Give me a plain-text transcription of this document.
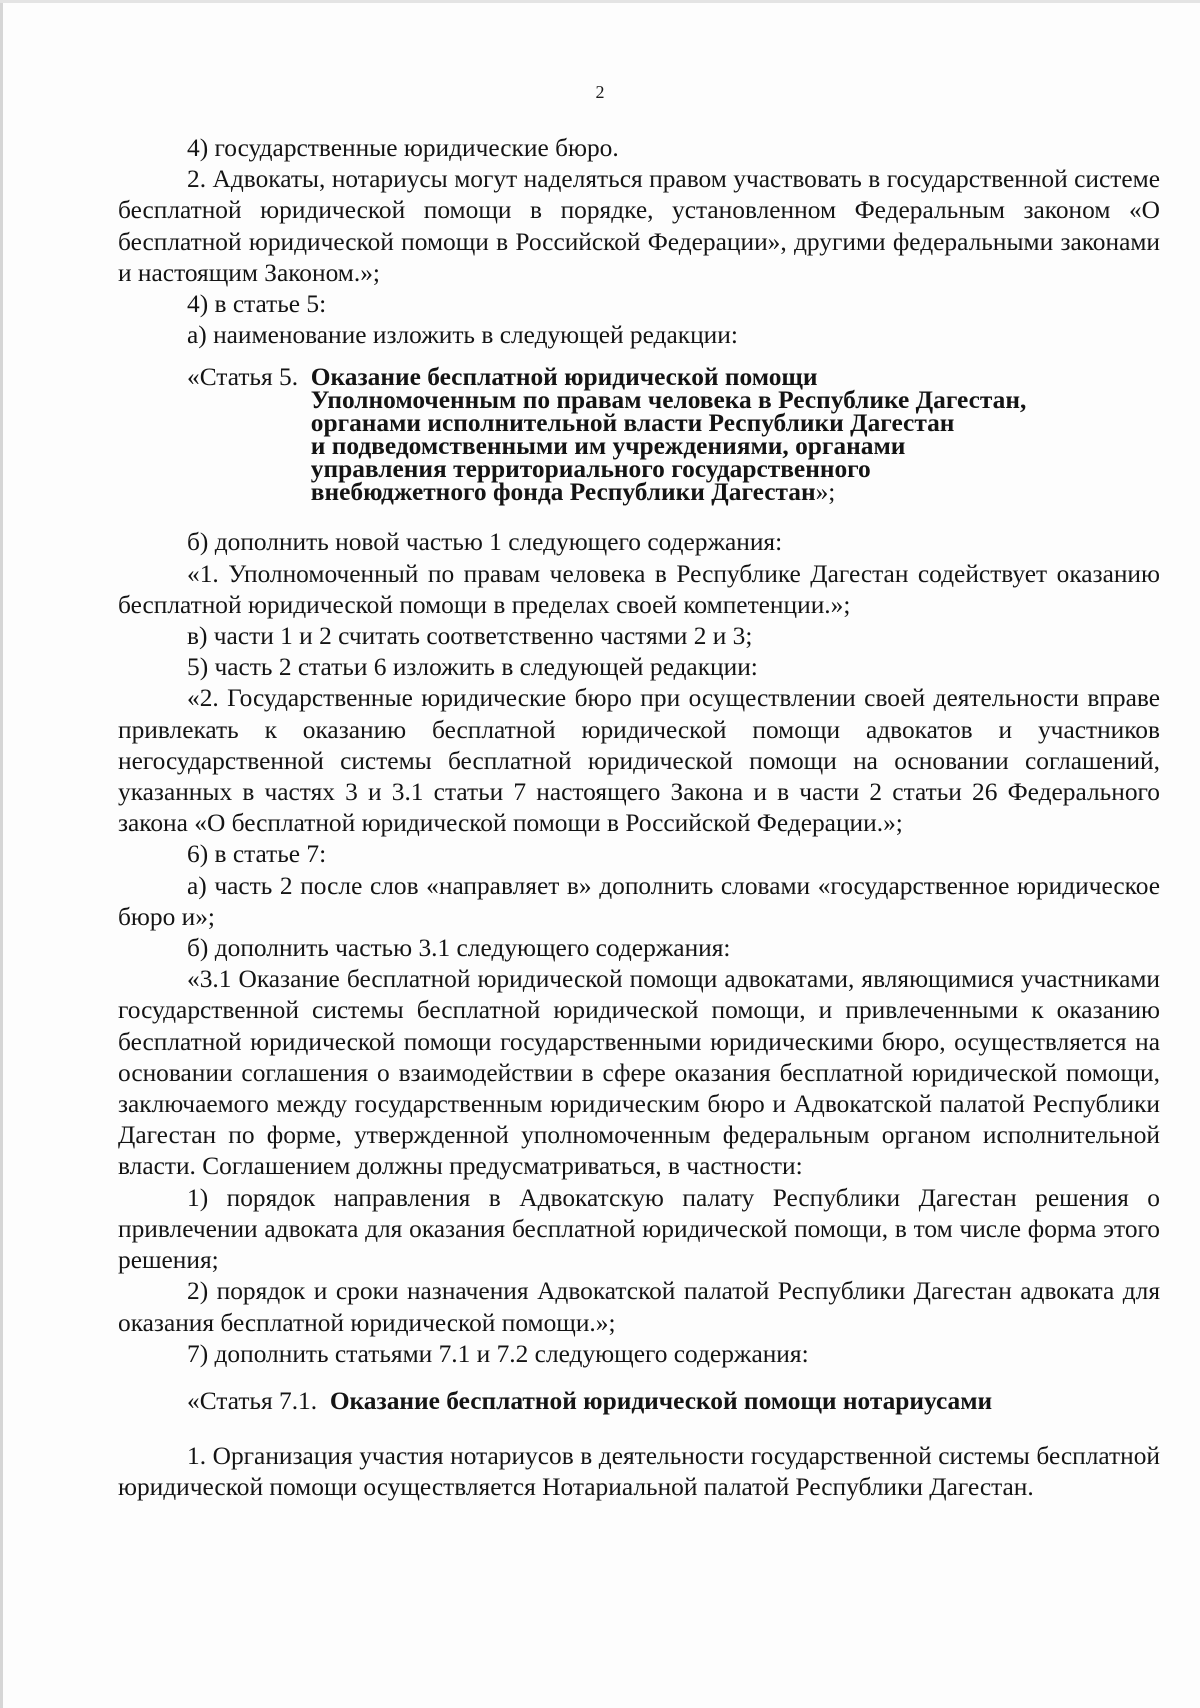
2

4) государственные юридические бюро.

2. Адвокаты, нотариусы могут наделяться правом участвовать в государственной системе бесплатной юридической помощи в порядке, установленном Федеральным законом «О бесплатной юридической помощи в Российской Федерации», другими федеральными законами и настоящим Законом.»;

4) в статье 5:

а) наименование изложить в следующей редакции:

«Статья 5. Оказание бесплатной юридической помощи
Уполномоченным по правам человека в Республике Дагестан,
органами исполнительной власти Республики Дагестан
и подведомственными им учреждениями, органами
управления территориального государственного
внебюджетного фонда Республики Дагестан»;

б) дополнить новой частью 1 следующего содержания:

«1. Уполномоченный по правам человека в Республике Дагестан содействует оказанию бесплатной юридической помощи в пределах своей компетенции.»;

в) части 1 и 2 считать соответственно частями 2 и 3;

5) часть 2 статьи 6 изложить в следующей редакции:

«2. Государственные юридические бюро при осуществлении своей деятельности вправе привлекать к оказанию бесплатной юридической помощи адвокатов и участников негосударственной системы бесплатной юридической помощи на основании соглашений, указанных в частях 3 и 3.1 статьи 7 настоящего Закона и в части 2 статьи 26 Федерального закона «О бесплатной юридической помощи в Российской Федерации.»;

6) в статье 7:

а) часть 2 после слов «направляет в» дополнить словами «государственное юридическое бюро и»;

б) дополнить частью 3.1 следующего содержания:

«3.1 Оказание бесплатной юридической помощи адвокатами, являющимися участниками государственной системы бесплатной юридической помощи, и привлеченными к оказанию бесплатной юридической помощи государственными юридическими бюро, осуществляется на основании соглашения о взаимодействии в сфере оказания бесплатной юридической помощи, заключаемого между государственным юридическим бюро и Адвокатской палатой Республики Дагестан по форме, утвержденной уполномоченным федеральным органом исполнительной власти. Соглашением должны предусматриваться, в частности:

1) порядок направления в Адвокатскую палату Республики Дагестан решения о привлечении адвоката для оказания бесплатной юридической помощи, в том числе форма этого решения;

2) порядок и сроки назначения Адвокатской палатой Республики Дагестан адвоката для оказания бесплатной юридической помощи.»;

7) дополнить статьями 7.1 и 7.2 следующего содержания:

«Статья 7.1. Оказание бесплатной юридической помощи нотариусами

1. Организация участия нотариусов в деятельности государственной системы бесплатной юридической помощи осуществляется Нотариальной палатой Республики Дагестан.
